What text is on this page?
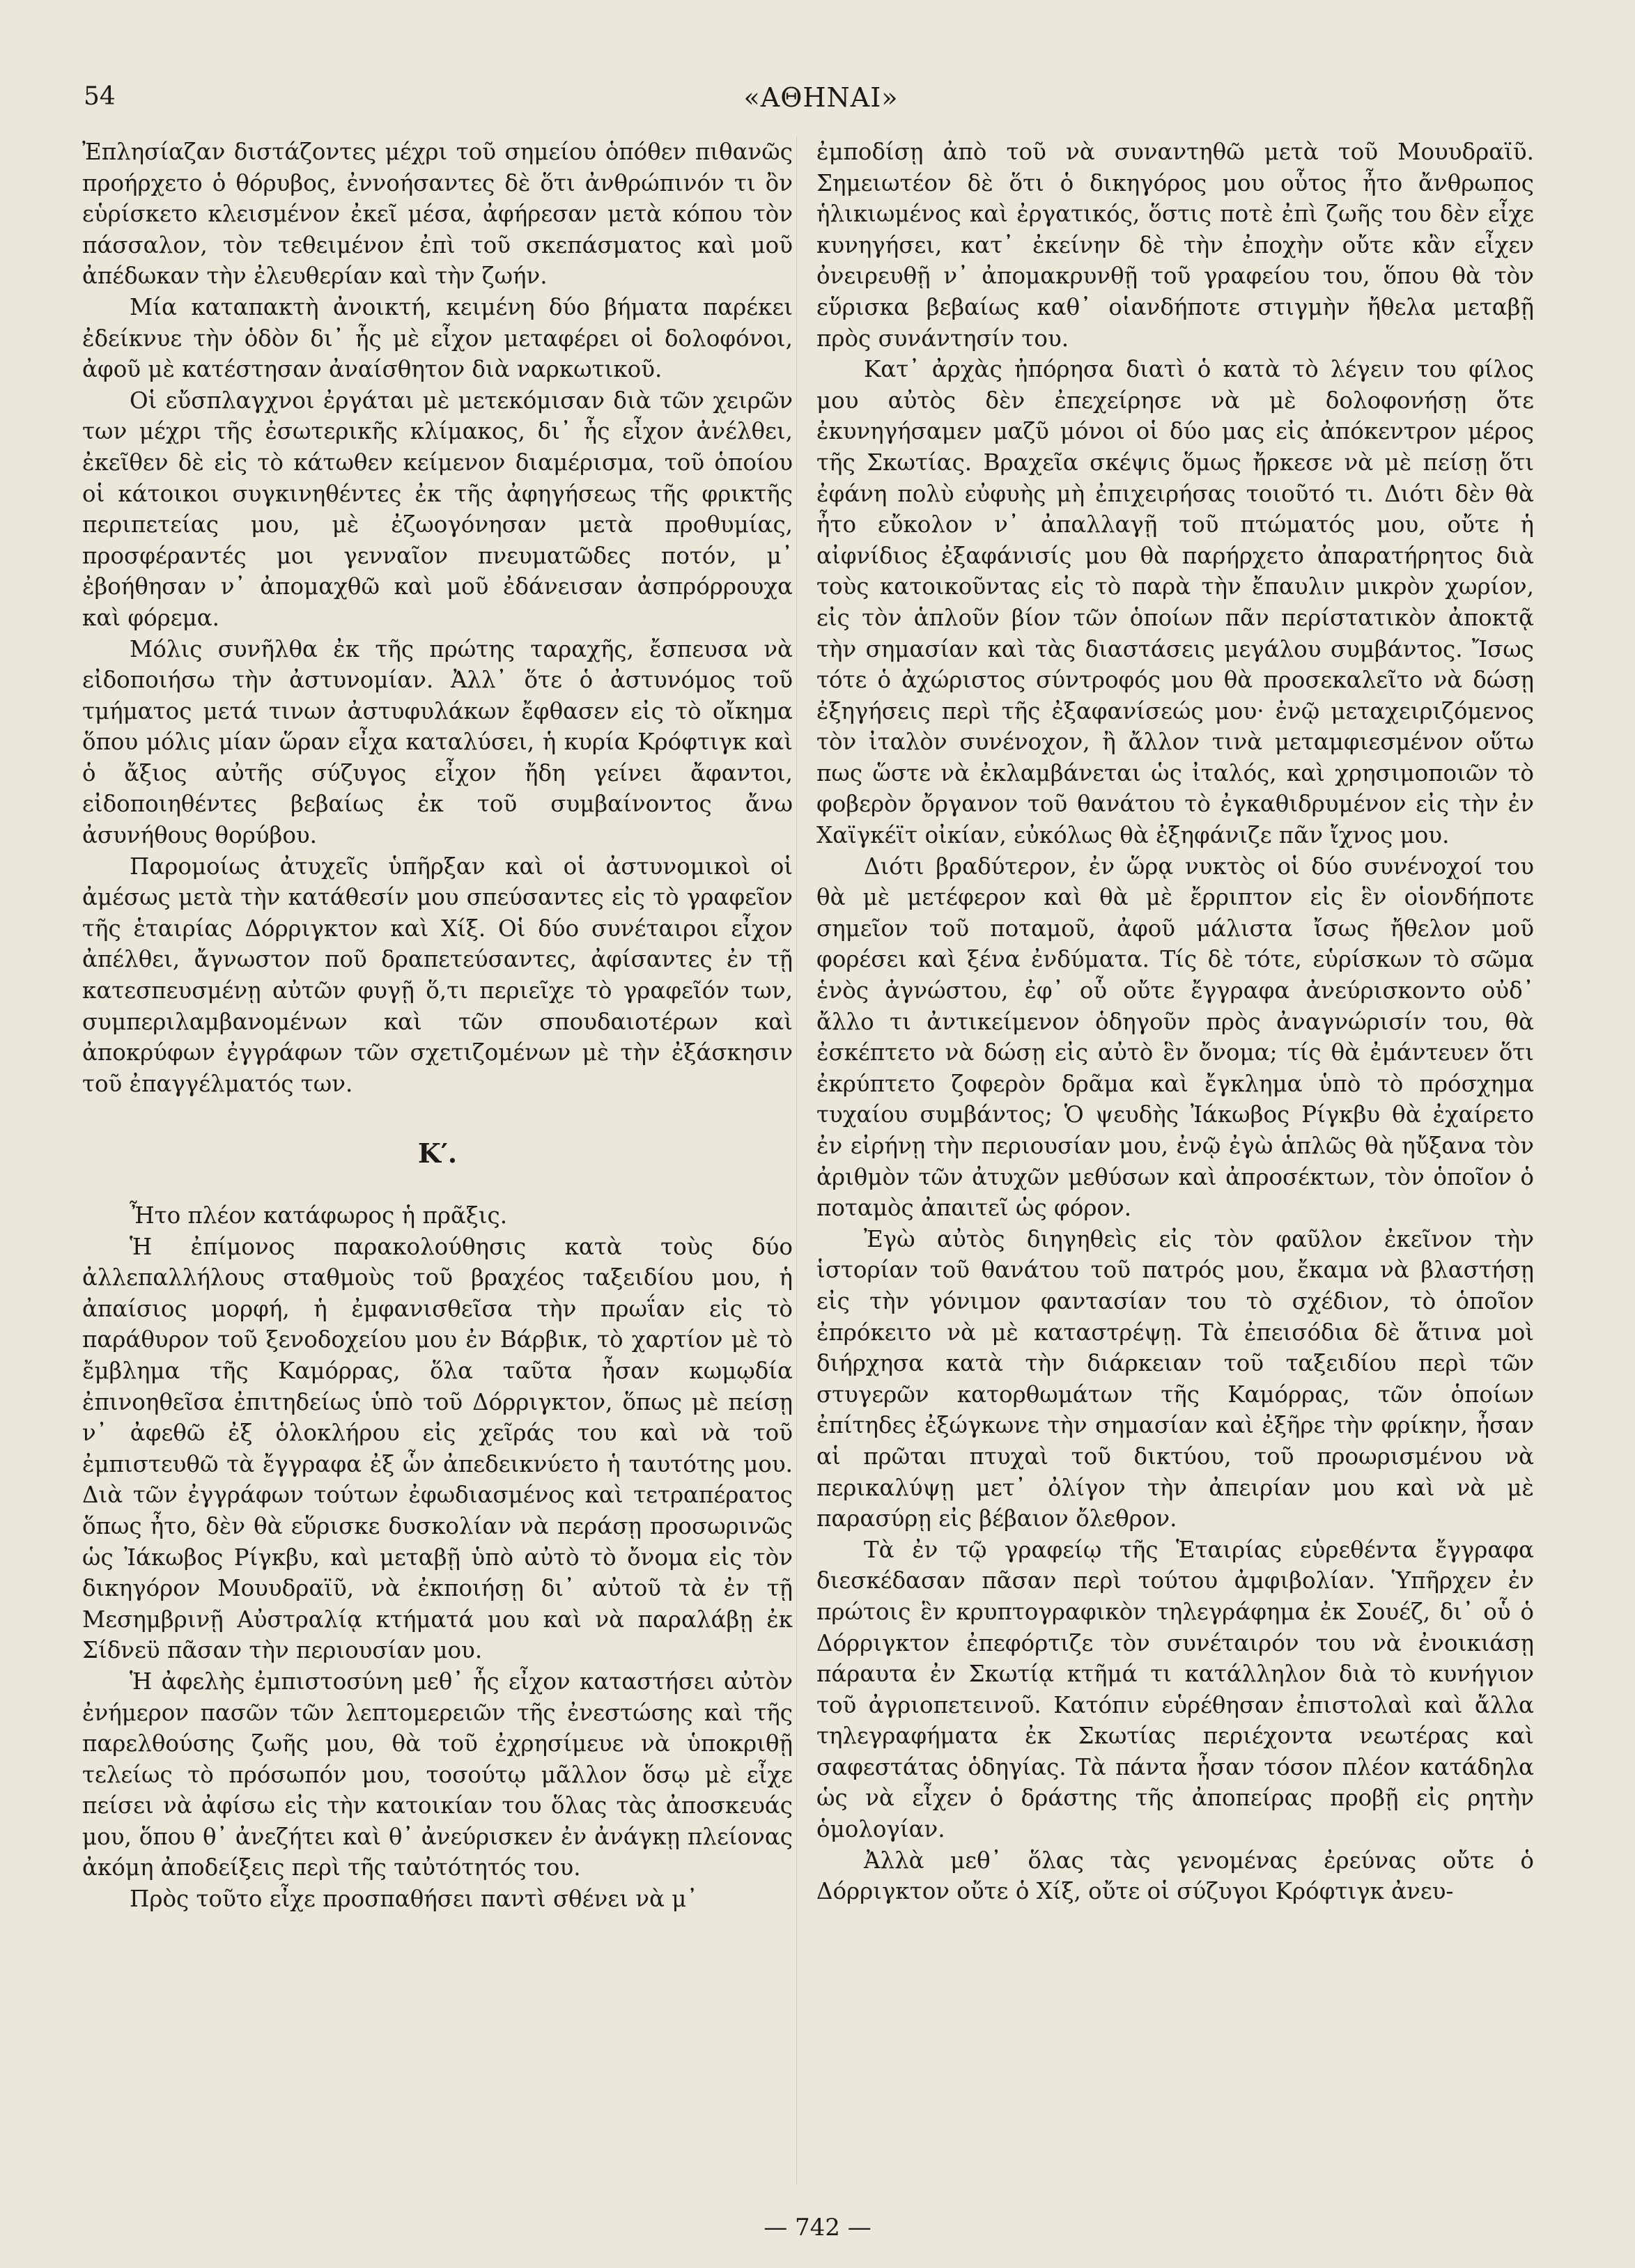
54	«ΑΘΗΝΑΙ»

Ἐπλησίαζαν διστάζοντες μέχρι τοῦ σημείου ὁπόθεν πιθανῶς προήρχετο ὁ θόρυβος, ἐννοήσαντες δὲ ὅτι ἀνθρώπινόν τι ὂν εὑρίσκετο κλεισμένον ἐκεῖ μέσα, ἀφήρεσαν μετὰ κόπου τὸν πάσσαλον, τὸν τεθειμένον ἐπὶ τοῦ σκεπάσματος καὶ μοῦ ἀπέδωκαν τὴν ἐλευθερίαν καὶ τὴν ζωήν.

Μία καταπακτὴ ἀνοικτή, κειμένη δύο βήματα παρέκει ἐδείκνυε τὴν ὁδὸν δι᾽ ἧς μὲ εἶχον μεταφέρει οἱ δολοφόνοι, ἀφοῦ μὲ κατέστησαν ἀναίσθητον διὰ ναρκωτικοῦ.

Οἱ εὔσπλαγχνοι ἐργάται μὲ μετεκόμισαν διὰ τῶν χειρῶν των μέχρι τῆς ἐσωτερικῆς κλίμακος, δι᾽ ἧς εἶχον ἀνέλθει, ἐκεῖθεν δὲ εἰς τὸ κάτωθεν κείμενον διαμέρισμα, τοῦ ὁποίου οἱ κάτοικοι συγκινηθέντες ἐκ τῆς ἀφηγήσεως τῆς φρικτῆς περιπετείας μου, μὲ ἐζωογόνησαν μετὰ προθυμίας, προσφέραντές μοι γενναῖον πνευματῶδες ποτόν, μ᾽ ἐβοήθησαν ν᾽ ἀπομαχθῶ καὶ μοῦ ἐδάνεισαν ἀσπρόρρουχα καὶ φόρεμα.

Μόλις συνῆλθα ἐκ τῆς πρώτης ταραχῆς, ἔσπευσα νὰ εἰδοποιήσω τὴν ἀστυνομίαν. Ἀλλ᾽ ὅτε ὁ ἀστυνόμος τοῦ τμήματος μετά τινων ἀστυφυλάκων ἔφθασεν εἰς τὸ οἴκημα ὅπου μόλις μίαν ὥραν εἶχα καταλύσει, ἡ κυρία Κρόφτιγκ καὶ ὁ ἄξιος αὐτῆς σύζυγος εἶχον ἤδη γείνει ἄφαντοι, εἰδοποιηθέντες βεβαίως ἐκ τοῦ συμβαίνοντος ἄνω ἀσυνήθους θορύβου.

Παρομοίως ἀτυχεῖς ὑπῆρξαν καὶ οἱ ἀστυνομικοὶ οἱ ἀμέσως μετὰ τὴν κατάθεσίν μου σπεύσαντες εἰς τὸ γραφεῖον τῆς ἑταιρίας Δόρριγκτον καὶ Χίξ. Οἱ δύο συνέταιροι εἶχον ἀπέλθει, ἄγνωστον ποῦ δραπετεύσαντες, ἀφίσαντες ἐν τῇ κατεσπευσμένῃ αὐτῶν φυγῇ ὅ,τι περιεῖχε τὸ γραφεῖόν των, συμπεριλαμβανομένων καὶ τῶν σπουδαιοτέρων καὶ ἀποκρύφων ἐγγράφων τῶν σχετιζομένων μὲ τὴν ἐξάσκησιν τοῦ ἐπαγγέλματός των.

Κ′.

Ἦτο πλέον κατάφωρος ἡ πρᾶξις.

Ἡ ἐπίμονος παρακολούθησις κατὰ τοὺς δύο ἀλλεπαλλήλους σταθμοὺς τοῦ βραχέος ταξειδίου μου, ἡ ἀπαίσιος μορφή, ἡ ἐμφανισθεῖσα τὴν πρωΐαν εἰς τὸ παράθυρον τοῦ ξενοδοχείου μου ἐν Βάρβικ, τὸ χαρτίον μὲ τὸ ἔμβλημα τῆς Καμόρρας, ὅλα ταῦτα ἦσαν κωμῳδία ἐπινοηθεῖσα ἐπιτηδείως ὑπὸ τοῦ Δόρριγκτον, ὅπως μὲ πείσῃ ν᾽ ἀφεθῶ ἐξ ὁλοκλήρου εἰς χεῖράς του καὶ νὰ τοῦ ἐμπιστευθῶ τὰ ἔγγραφα ἐξ ὧν ἀπεδεικνύετο ἡ ταυτότης μου. Διὰ τῶν ἐγγράφων τούτων ἐφωδιασμένος καὶ τετραπέρατος ὅπως ἦτο, δὲν θὰ εὕρισκε δυσκολίαν νὰ περάσῃ προσωρινῶς ὡς Ἰάκωβος Ρίγκβυ, καὶ μεταβῇ ὑπὸ αὐτὸ τὸ ὄνομα εἰς τὸν δικηγόρον Μουυδραϊῦ, νὰ ἐκποιήσῃ δι᾽ αὐτοῦ τὰ ἐν τῇ Μεσημβρινῇ Αὐστραλίᾳ κτήματά μου καὶ νὰ παραλάβῃ ἐκ Σίδνεϋ πᾶσαν τὴν περιουσίαν μου.

Ἡ ἀφελὴς ἐμπιστοσύνη μεθ᾽ ἧς εἶχον καταστήσει αὐτὸν ἐνήμερον πασῶν τῶν λεπτομερειῶν τῆς ἐνεστώσης καὶ τῆς παρελθούσης ζωῆς μου, θὰ τοῦ ἐχρησίμευε νὰ ὑποκριθῇ τελείως τὸ πρόσωπόν μου, τοσούτῳ μᾶλλον ὅσῳ μὲ εἶχε πείσει νὰ ἀφίσω εἰς τὴν κατοικίαν του ὅλας τὰς ἀποσκευάς μου, ὅπου θ᾽ ἀνεζήτει καὶ θ᾽ ἀνεύρισκεν ἐν ἀνάγκῃ πλείονας ἀκόμη ἀποδείξεις περὶ τῆς ταὐτότητός του.

Πρὸς τοῦτο εἶχε προσπαθήσει παντὶ σθένει νὰ μ᾽

ἐμποδίσῃ ἀπὸ τοῦ νὰ συναντηθῶ μετὰ τοῦ Μουυδραϊῦ. Σημειωτέον δὲ ὅτι ὁ δικηγόρος μου οὗτος ἦτο ἄνθρωπος ἡλικιωμένος καὶ ἐργατικός, ὅστις ποτὲ ἐπὶ ζωῆς του δὲν εἶχε κυνηγήσει, κατ᾽ ἐκείνην δὲ τὴν ἐποχὴν οὔτε κἂν εἶχεν ὀνειρευθῇ ν᾽ ἀπομακρυνθῇ τοῦ γραφείου του, ὅπου θὰ τὸν εὕρισκα βεβαίως καθ᾽ οἱανδήποτε στιγμὴν ἤθελα μεταβῇ πρὸς συνάντησίν του.

Κατ᾽ ἀρχὰς ἠπόρησα διατὶ ὁ κατὰ τὸ λέγειν του φίλος μου αὐτὸς δὲν ἐπεχείρησε νὰ μὲ δολοφονήσῃ ὅτε ἐκυνηγήσαμεν μαζῦ μόνοι οἱ δύο μας εἰς ἀπόκεντρον μέρος τῆς Σκωτίας. Βραχεῖα σκέψις ὅμως ἤρκεσε νὰ μὲ πείσῃ ὅτι ἐφάνη πολὺ εὐφυὴς μὴ ἐπιχειρήσας τοιοῦτό τι. Διότι δὲν θὰ ἦτο εὔκολον ν᾽ ἀπαλλαγῇ τοῦ πτώματός μου, οὔτε ἡ αἰφνίδιος ἐξαφάνισίς μου θὰ παρήρχετο ἀπαρατήρητος διὰ τοὺς κατοικοῦντας εἰς τὸ παρὰ τὴν ἔπαυλιν μικρὸν χωρίον, εἰς τὸν ἁπλοῦν βίον τῶν ὁποίων πᾶν περίστατικὸν ἀποκτᾷ τὴν σημασίαν καὶ τὰς διαστάσεις μεγάλου συμβάντος. Ἴσως τότε ὁ ἀχώριστος σύντροφός μου θὰ προσεκαλεῖτο νὰ δώσῃ ἐξηγήσεις περὶ τῆς ἐξαφανίσεώς μου· ἐνῷ μεταχειριζόμενος τὸν ἰταλὸν συνένοχον, ἢ ἄλλον τινὰ μεταμφιεσμένον οὕτω πως ὥστε νὰ ἐκλαμβάνεται ὡς ἰταλός, καὶ χρησιμοποιῶν τὸ φοβερὸν ὄργανον τοῦ θανάτου τὸ ἐγκαθιδρυμένον εἰς τὴν ἐν Χαϊγκέϊτ οἰκίαν, εὐκόλως θὰ ἐξηφάνιζε πᾶν ἴχνος μου.

Διότι βραδύτερον, ἐν ὥρᾳ νυκτὸς οἱ δύο συνένοχοί του θὰ μὲ μετέφερον καὶ θὰ μὲ ἔρριπτον εἰς ἓν οἱονδήποτε σημεῖον τοῦ ποταμοῦ, ἀφοῦ μάλιστα ἴσως ἤθελον μοῦ φορέσει καὶ ξένα ἐνδύματα. Τίς δὲ τότε, εὑρίσκων τὸ σῶμα ἑνὸς ἀγνώστου, ἐφ᾽ οὗ οὔτε ἔγγραφα ἀνεύρισκοντο οὐδ᾽ ἄλλο τι ἀντικείμενον ὁδηγοῦν πρὸς ἀναγνώρισίν του, θὰ ἐσκέπτετο νὰ δώσῃ εἰς αὐτὸ ἓν ὄνομα; τίς θὰ ἐμάντευεν ὅτι ἐκρύπτετο ζοφερὸν δρᾶμα καὶ ἔγκλημα ὑπὸ τὸ πρόσχημα τυχαίου συμβάντος; Ὁ ψευδὴς Ἰάκωβος Ρίγκβυ θὰ ἐχαίρετο ἐν εἰρήνῃ τὴν περιουσίαν μου, ἐνῷ ἐγὼ ἁπλῶς θὰ ηὔξανα τὸν ἀριθμὸν τῶν ἀτυχῶν μεθύσων καὶ ἀπροσέκτων, τὸν ὁποῖον ὁ ποταμὸς ἀπαιτεῖ ὡς φόρον.

Ἐγὼ αὐτὸς διηγηθεὶς εἰς τὸν φαῦλον ἐκεῖνον τὴν ἱστορίαν τοῦ θανάτου τοῦ πατρός μου, ἔκαμα νὰ βλαστήσῃ εἰς τὴν γόνιμον φαντασίαν του τὸ σχέδιον, τὸ ὁποῖον ἐπρόκειτο νὰ μὲ καταστρέψῃ. Τὰ ἐπεισόδια δὲ ἅτινα μοὶ διήρχησα κατὰ τὴν διάρκειαν τοῦ ταξειδίου περὶ τῶν στυγερῶν κατορθωμάτων τῆς Καμόρρας, τῶν ὁποίων ἐπίτηδες ἐξώγκωνε τὴν σημασίαν καὶ ἐξῆρε τὴν φρίκην, ἦσαν αἱ πρῶται πτυχαὶ τοῦ δικτύου, τοῦ προωρισμένου νὰ περικαλύψῃ μετ᾽ ὀλίγον τὴν ἀπειρίαν μου καὶ νὰ μὲ παρασύρῃ εἰς βέβαιον ὄλεθρον.

Τὰ ἐν τῷ γραφείῳ τῆς Ἑταιρίας εὑρεθέντα ἔγγραφα διεσκέδασαν πᾶσαν περὶ τούτου ἀμφιβολίαν. Ὑπῆρχεν ἐν πρώτοις ἓν κρυπτογραφικὸν τηλεγράφημα ἐκ Σουέζ, δι᾽ οὗ ὁ Δόρριγκτον ἐπεφόρτιζε τὸν συνέταιρόν του νὰ ἐνοικιάσῃ πάραυτα ἐν Σκωτίᾳ κτῆμά τι κατάλληλον διὰ τὸ κυνήγιον τοῦ ἀγριοπετεινοῦ. Κατόπιν εὑρέθησαν ἐπιστολαὶ καὶ ἄλλα τηλεγραφήματα ἐκ Σκωτίας περιέχοντα νεωτέρας καὶ σαφεστάτας ὁδηγίας. Τὰ πάντα ἦσαν τόσον πλέον κατάδηλα ὡς νὰ εἶχεν ὁ δράστης τῆς ἀποπείρας προβῇ εἰς ρητὴν ὁμολογίαν.

Ἀλλὰ μεθ᾽ ὅλας τὰς γενομένας ἐρεύνας οὔτε ὁ Δόρριγκτον οὔτε ὁ Χίξ, οὔτε οἱ σύζυγοι Κρόφτιγκ ἀνευ-

— 742 —
